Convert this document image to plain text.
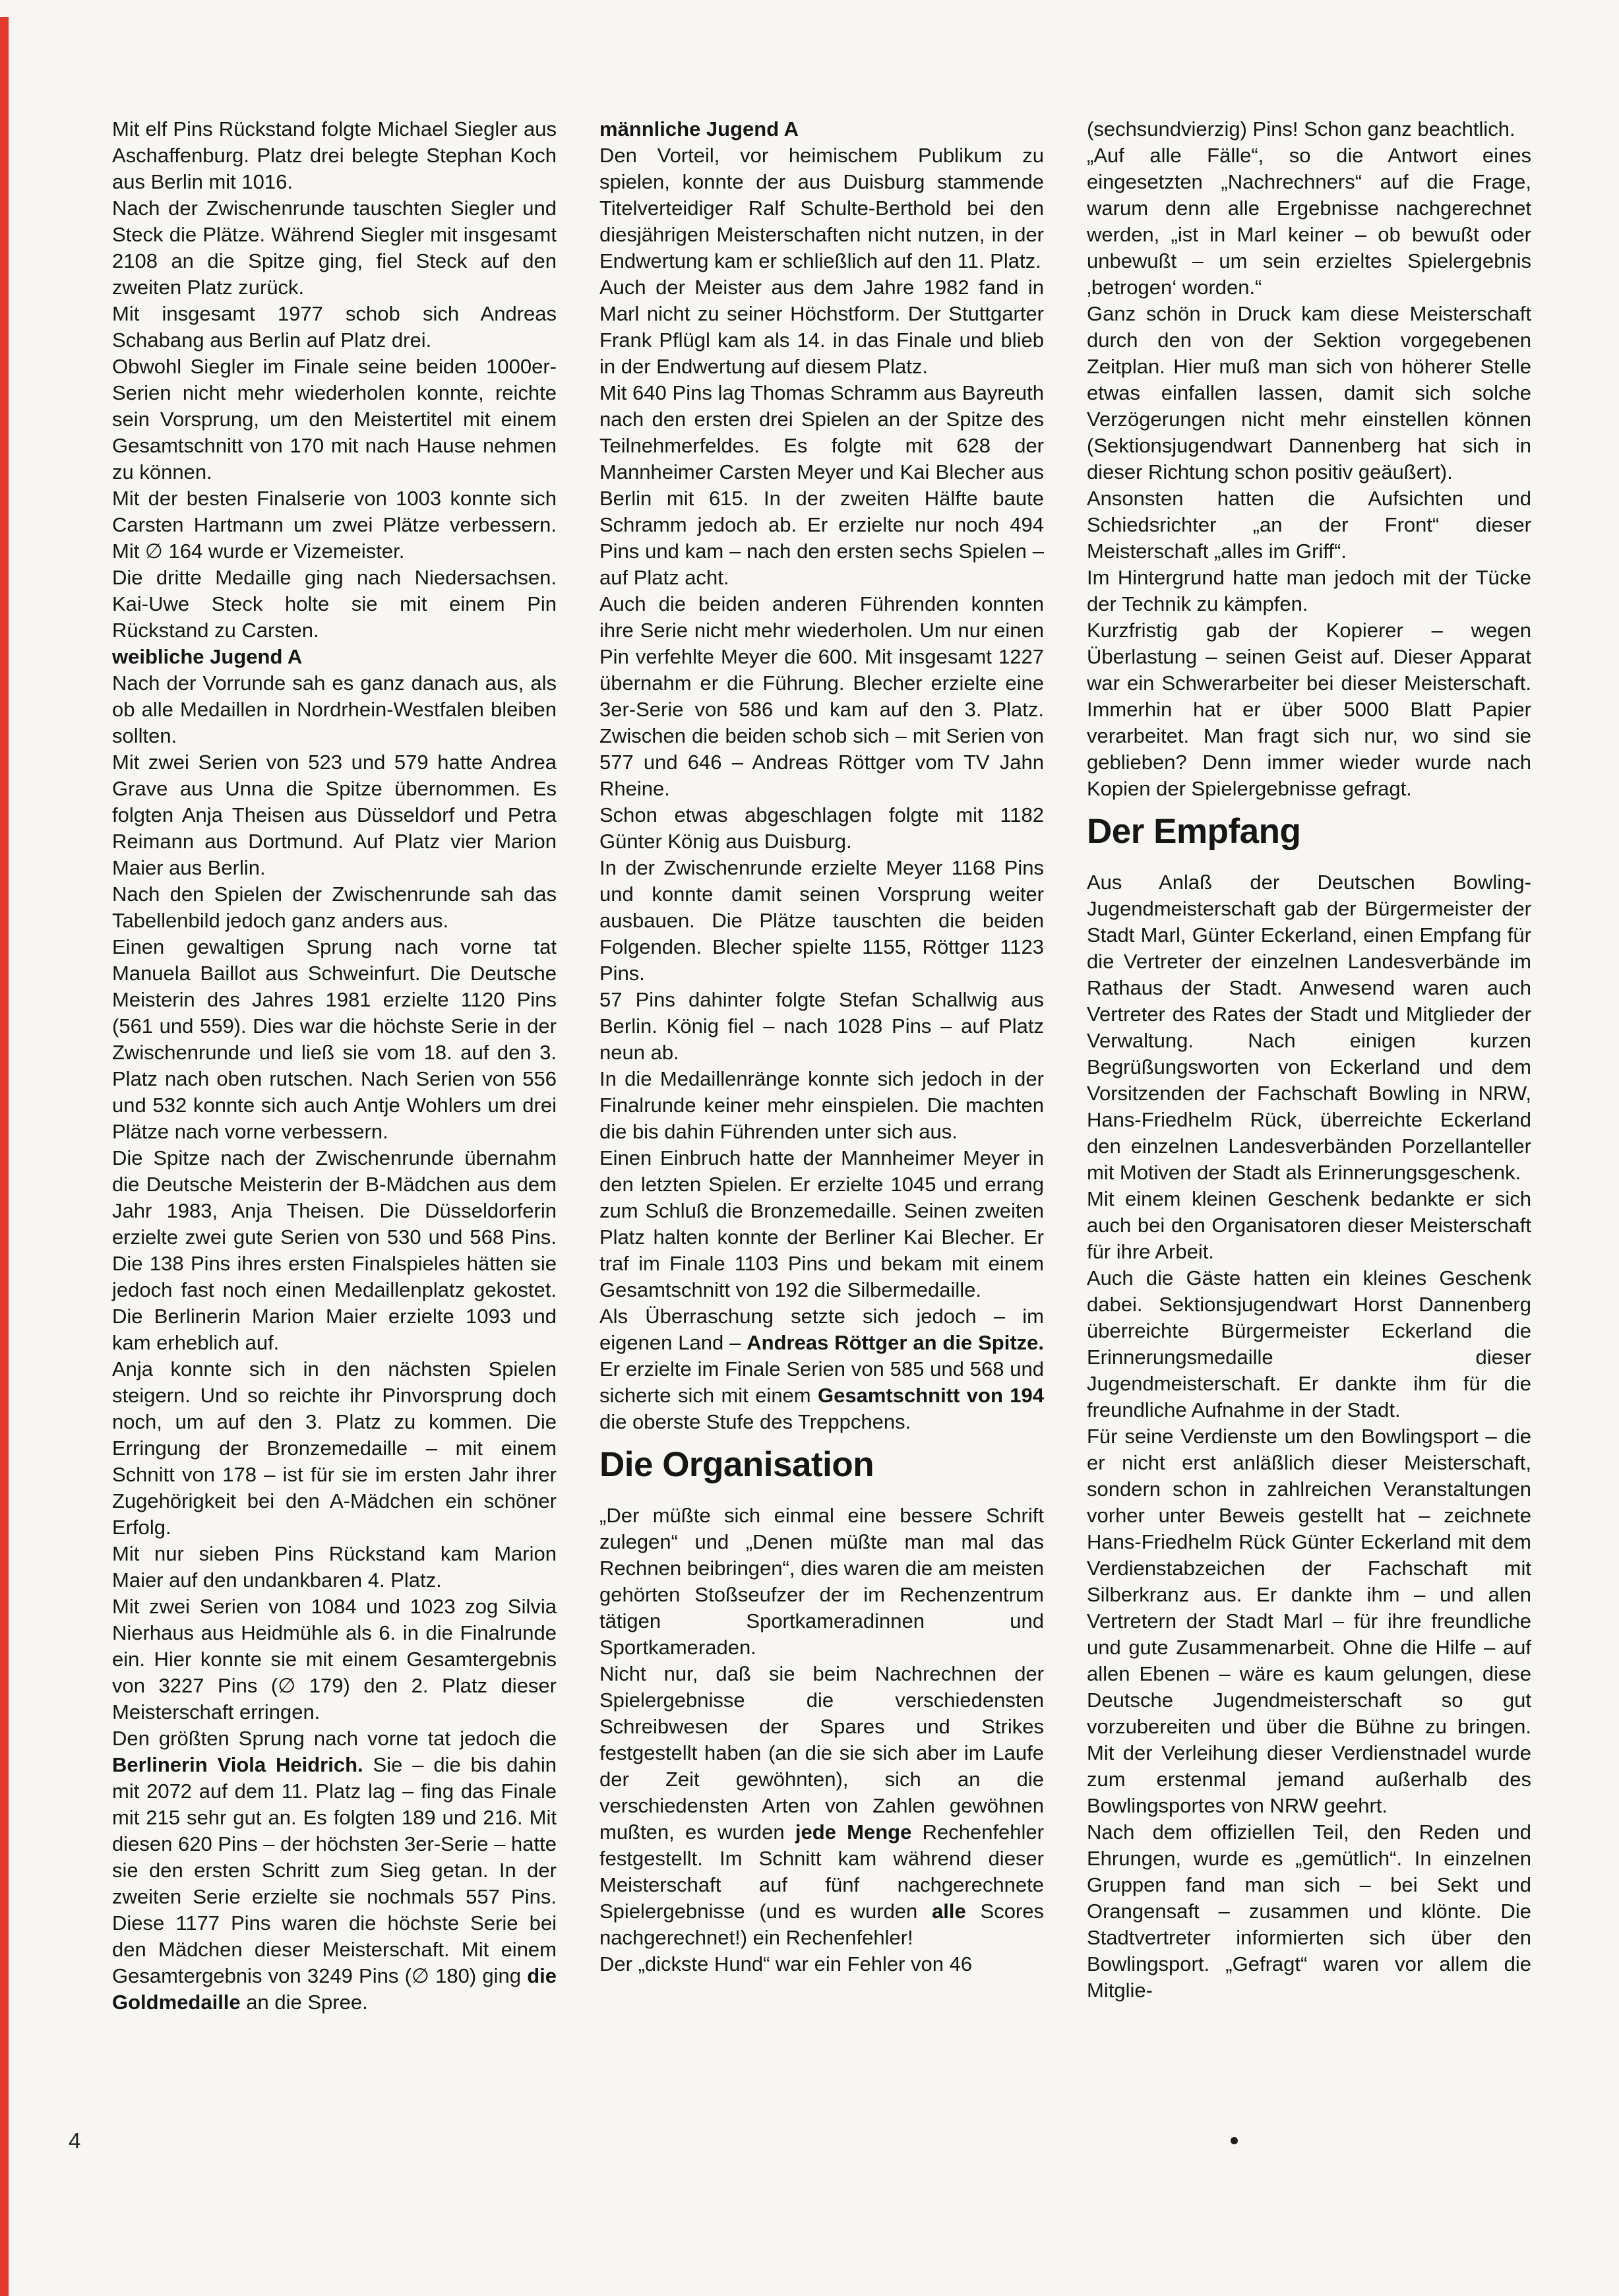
Mit elf Pins Rückstand folgte Michael Siegler aus Aschaffenburg. Platz drei belegte Stephan Koch aus Berlin mit 1016.

Nach der Zwischenrunde tauschten Siegler und Steck die Plätze. Während Siegler mit insgesamt 2108 an die Spitze ging, fiel Steck auf den zweiten Platz zurück.

Mit insgesamt 1977 schob sich Andreas Schabang aus Berlin auf Platz drei.

Obwohl Siegler im Finale seine beiden 1000er-Serien nicht mehr wiederholen konnte, reichte sein Vorsprung, um den Meistertitel mit einem Gesamtschnitt von 170 mit nach Hause nehmen zu können.

Mit der besten Finalserie von 1003 konnte sich Carsten Hartmann um zwei Plätze verbessern. Mit ∅ 164 wurde er Vizemeister.

Die dritte Medaille ging nach Niedersachsen. Kai-Uwe Steck holte sie mit einem Pin Rückstand zu Carsten.

weibliche Jugend A

Nach der Vorrunde sah es ganz danach aus, als ob alle Medaillen in Nordrhein-Westfalen bleiben sollten.

Mit zwei Serien von 523 und 579 hatte Andrea Grave aus Unna die Spitze übernommen. Es folgten Anja Theisen aus Düsseldorf und Petra Reimann aus Dortmund. Auf Platz vier Marion Maier aus Berlin.

Nach den Spielen der Zwischenrunde sah das Tabellenbild jedoch ganz anders aus.

Einen gewaltigen Sprung nach vorne tat Manuela Baillot aus Schweinfurt. Die Deutsche Meisterin des Jahres 1981 erzielte 1120 Pins (561 und 559). Dies war die höchste Serie in der Zwischenrunde und ließ sie vom 18. auf den 3. Platz nach oben rutschen. Nach Serien von 556 und 532 konnte sich auch Antje Wohlers um drei Plätze nach vorne verbessern.

Die Spitze nach der Zwischenrunde übernahm die Deutsche Meisterin der B-Mädchen aus dem Jahr 1983, Anja Theisen. Die Düsseldorferin erzielte zwei gute Serien von 530 und 568 Pins. Die 138 Pins ihres ersten Finalspieles hätten sie jedoch fast noch einen Medaillenplatz gekostet. Die Berlinerin Marion Maier erzielte 1093 und kam erheblich auf.

Anja konnte sich in den nächsten Spielen steigern. Und so reichte ihr Pinvorsprung doch noch, um auf den 3. Platz zu kommen. Die Erringung der Bronzemedaille – mit einem Schnitt von 178 – ist für sie im ersten Jahr ihrer Zugehörigkeit bei den A-Mädchen ein schöner Erfolg.

Mit nur sieben Pins Rückstand kam Marion Maier auf den undankbaren 4. Platz.

Mit zwei Serien von 1084 und 1023 zog Silvia Nierhaus aus Heidmühle als 6. in die Finalrunde ein. Hier konnte sie mit einem Gesamtergebnis von 3227 Pins (∅ 179) den 2. Platz dieser Meisterschaft erringen.

Den größten Sprung nach vorne tat jedoch die Berlinerin Viola Heidrich. Sie – die bis dahin mit 2072 auf dem 11. Platz lag – fing das Finale mit 215 sehr gut an. Es folgten 189 und 216. Mit diesen 620 Pins – der höchsten 3er-Serie – hatte sie den ersten Schritt zum Sieg getan. In der zweiten Serie erzielte sie nochmals 557 Pins. Diese 1177 Pins waren die höchste Serie bei den Mädchen dieser Meisterschaft. Mit einem Gesamtergebnis von 3249 Pins (∅ 180) ging die Goldmedaille an die Spree.

männliche Jugend A

Den Vorteil, vor heimischem Publikum zu spielen, konnte der aus Duisburg stammende Titelverteidiger Ralf Schulte-Berthold bei den diesjährigen Meisterschaften nicht nutzen, in der Endwertung kam er schließlich auf den 11. Platz.

Auch der Meister aus dem Jahre 1982 fand in Marl nicht zu seiner Höchstform. Der Stuttgarter Frank Pflügl kam als 14. in das Finale und blieb in der Endwertung auf diesem Platz.

Mit 640 Pins lag Thomas Schramm aus Bayreuth nach den ersten drei Spielen an der Spitze des Teilnehmerfeldes. Es folgte mit 628 der Mannheimer Carsten Meyer und Kai Blecher aus Berlin mit 615. In der zweiten Hälfte baute Schramm jedoch ab. Er erzielte nur noch 494 Pins und kam – nach den ersten sechs Spielen – auf Platz acht.

Auch die beiden anderen Führenden konnten ihre Serie nicht mehr wiederholen. Um nur einen Pin verfehlte Meyer die 600. Mit insgesamt 1227 übernahm er die Führung. Blecher erzielte eine 3er-Serie von 586 und kam auf den 3. Platz. Zwischen die beiden schob sich – mit Serien von 577 und 646 – Andreas Röttger vom TV Jahn Rheine.

Schon etwas abgeschlagen folgte mit 1182 Günter König aus Duisburg.

In der Zwischenrunde erzielte Meyer 1168 Pins und konnte damit seinen Vorsprung weiter ausbauen. Die Plätze tauschten die beiden Folgenden. Blecher spielte 1155, Röttger 1123 Pins.

57 Pins dahinter folgte Stefan Schallwig aus Berlin. König fiel – nach 1028 Pins – auf Platz neun ab.

In die Medaillenränge konnte sich jedoch in der Finalrunde keiner mehr einspielen. Die machten die bis dahin Führenden unter sich aus.

Einen Einbruch hatte der Mannheimer Meyer in den letzten Spielen. Er erzielte 1045 und errang zum Schluß die Bronzemedaille. Seinen zweiten Platz halten konnte der Berliner Kai Blecher. Er traf im Finale 1103 Pins und bekam mit einem Gesamtschnitt von 192 die Silbermedaille.

Als Überraschung setzte sich jedoch – im eigenen Land – Andreas Röttger an die Spitze. Er erzielte im Finale Serien von 585 und 568 und sicherte sich mit einem Gesamtschnitt von 194 die oberste Stufe des Treppchens.

Die Organisation

„Der müßte sich einmal eine bessere Schrift zulegen“ und „Denen müßte man mal das Rechnen beibringen“, dies waren die am meisten gehörten Stoßseufzer der im Rechenzentrum tätigen Sportkameradinnen und Sportkameraden.

Nicht nur, daß sie beim Nachrechnen der Spielergebnisse die verschiedensten Schreibwesen der Spares und Strikes festgestellt haben (an die sie sich aber im Laufe der Zeit gewöhnten), sich an die verschiedensten Arten von Zahlen gewöhnen mußten, es wurden jede Menge Rechenfehler festgestellt. Im Schnitt kam während dieser Meisterschaft auf fünf nachgerechnete Spielergebnisse (und es wurden alle Scores nachgerechnet!) ein Rechenfehler!

Der „dickste Hund“ war ein Fehler von 46

(sechsundvierzig) Pins! Schon ganz beachtlich.

„Auf alle Fälle“, so die Antwort eines eingesetzten „Nachrechners“ auf die Frage, warum denn alle Ergebnisse nachgerechnet werden, „ist in Marl keiner – ob bewußt oder unbewußt – um sein erzieltes Spielergebnis ‚betrogen‘ worden.“

Ganz schön in Druck kam diese Meisterschaft durch den von der Sektion vorgegebenen Zeitplan. Hier muß man sich von höherer Stelle etwas einfallen lassen, damit sich solche Verzögerungen nicht mehr einstellen können (Sektionsjugendwart Dannenberg hat sich in dieser Richtung schon positiv geäußert).

Ansonsten hatten die Aufsichten und Schiedsrichter „an der Front“ dieser Meisterschaft „alles im Griff“.

Im Hintergrund hatte man jedoch mit der Tücke der Technik zu kämpfen.

Kurzfristig gab der Kopierer – wegen Überlastung – seinen Geist auf. Dieser Apparat war ein Schwerarbeiter bei dieser Meisterschaft. Immerhin hat er über 5000 Blatt Papier verarbeitet. Man fragt sich nur, wo sind sie geblieben? Denn immer wieder wurde nach Kopien der Spielergebnisse gefragt.

Der Empfang

Aus Anlaß der Deutschen Bowling-Jugendmeisterschaft gab der Bürgermeister der Stadt Marl, Günter Eckerland, einen Empfang für die Vertreter der einzelnen Landesverbände im Rathaus der Stadt. Anwesend waren auch Vertreter des Rates der Stadt und Mitglieder der Verwaltung. Nach einigen kurzen Begrüßungsworten von Eckerland und dem Vorsitzenden der Fachschaft Bowling in NRW, Hans-Friedhelm Rück, überreichte Eckerland den einzelnen Landesverbänden Porzellanteller mit Motiven der Stadt als Erinnerungsgeschenk.

Mit einem kleinen Geschenk bedankte er sich auch bei den Organisatoren dieser Meisterschaft für ihre Arbeit.

Auch die Gäste hatten ein kleines Geschenk dabei. Sektionsjugendwart Horst Dannenberg überreichte Bürgermeister Eckerland die Erinnerungsmedaille dieser Jugendmeisterschaft. Er dankte ihm für die freundliche Aufnahme in der Stadt.

Für seine Verdienste um den Bowlingsport – die er nicht erst anläßlich dieser Meisterschaft, sondern schon in zahlreichen Veranstaltungen vorher unter Beweis gestellt hat – zeichnete Hans-Friedhelm Rück Günter Eckerland mit dem Verdienstabzeichen der Fachschaft mit Silberkranz aus. Er dankte ihm – und allen Vertretern der Stadt Marl – für ihre freundliche und gute Zusammenarbeit. Ohne die Hilfe – auf allen Ebenen – wäre es kaum gelungen, diese Deutsche Jugendmeisterschaft so gut vorzubereiten und über die Bühne zu bringen. Mit der Verleihung dieser Verdienstnadel wurde zum erstenmal jemand außerhalb des Bowlingsportes von NRW geehrt.

Nach dem offiziellen Teil, den Reden und Ehrungen, wurde es „gemütlich“. In einzelnen Gruppen fand man sich – bei Sekt und Orangensaft – zusammen und klönte. Die Stadtvertreter informierten sich über den Bowlingsport. „Gefragt“ waren vor allem die Mitglie-

4
